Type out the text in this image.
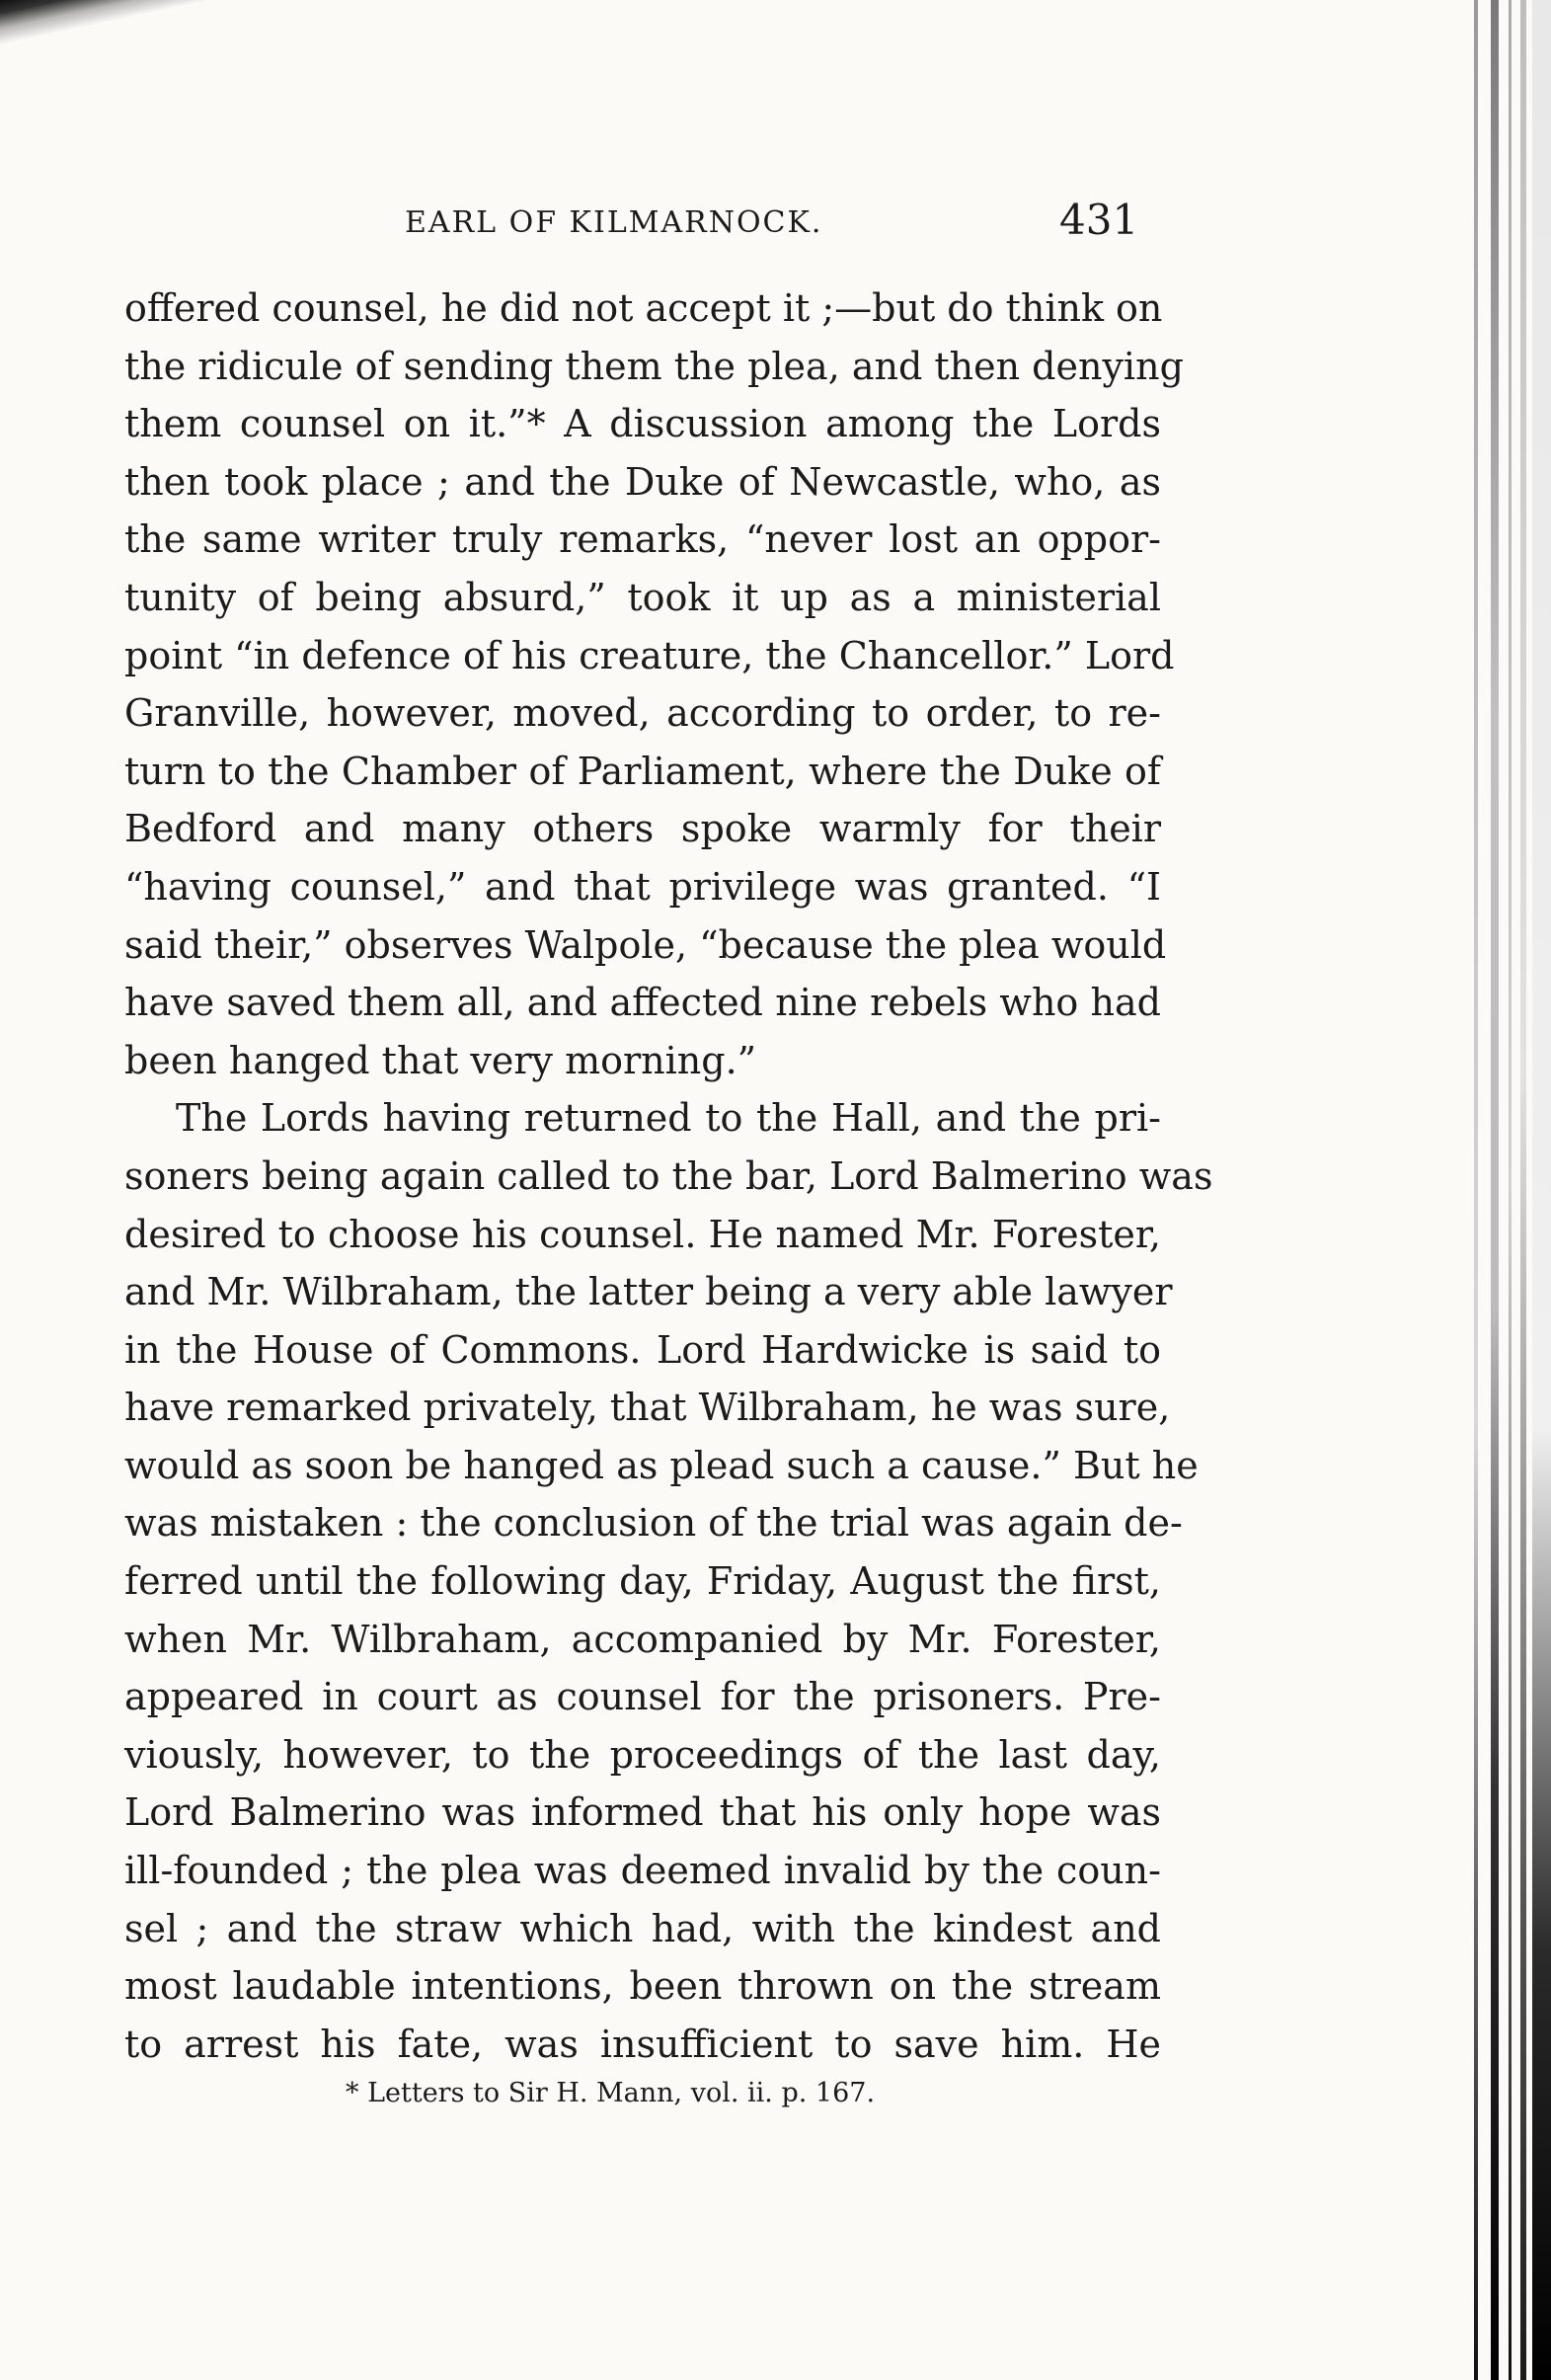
EARL OF KILMARNOCK.	431
offered counsel, he did not accept it ;—but do think on
the ridicule of sending them the plea, and then denying
them counsel on it.”* A discussion among the Lords
then took place ; and the Duke of Newcastle, who, as
the same writer truly remarks, “never lost an oppor-
tunity of being absurd,” took it up as a ministerial
point “in defence of his creature, the Chancellor.” Lord
Granville, however, moved, according to order, to re-
turn to the Chamber of Parliament, where the Duke of
Bedford and many others spoke warmly for their
“having counsel,” and that privilege was granted. “I
said their,” observes Walpole, “because the plea would
have saved them all, and affected nine rebels who had
been hanged that very morning.”
The Lords having returned to the Hall, and the pri-
soners being again called to the bar, Lord Balmerino was
desired to choose his counsel. He named Mr. Forester,
and Mr. Wilbraham, the latter being a very able lawyer
in the House of Commons. Lord Hardwicke is said to
have remarked privately, that Wilbraham, he was sure,
would as soon be hanged as plead such a cause.” But he
was mistaken : the conclusion of the trial was again de-
ferred until the following day, Friday, August the first,
when Mr. Wilbraham, accompanied by Mr. Forester,
appeared in court as counsel for the prisoners. Pre-
viously, however, to the proceedings of the last day,
Lord Balmerino was informed that his only hope was
ill-founded ; the plea was deemed invalid by the coun-
sel ; and the straw which had, with the kindest and
most laudable intentions, been thrown on the stream
to arrest his fate, was insufficient to save him. He
* Letters to Sir H. Mann, vol. ii. p. 167.
